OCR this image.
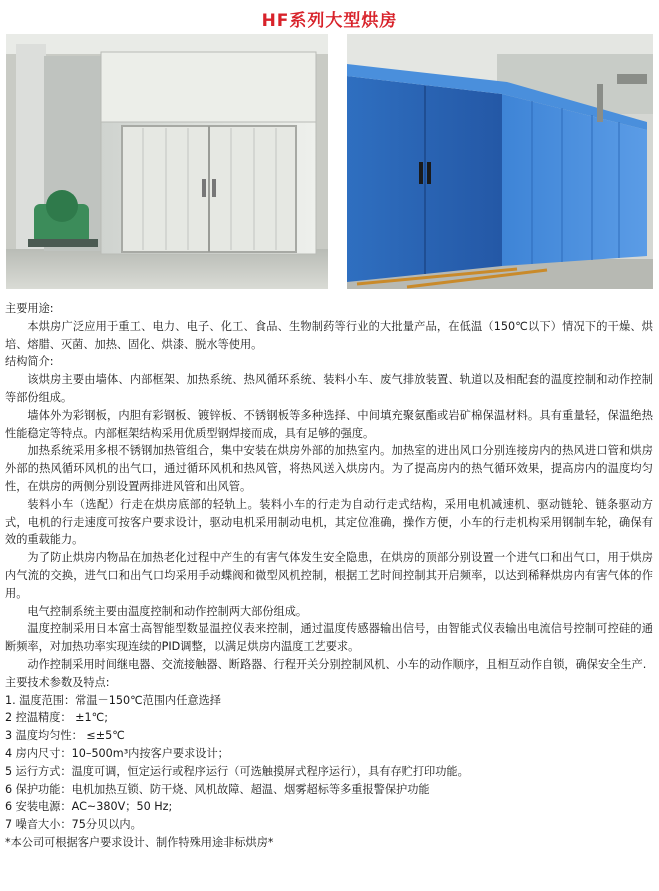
HF系列大型烘房

主要用途:

本烘房广泛应用于重工、电力、电子、化工、食品、生物制药等行业的大批量产品，在低温（150℃以下）情况下的干燥、烘培、熔腊、灭菌、加热、固化、烘漆、脱水等使用。

结构简介:

该烘房主要由墙体、内部框架、加热系统、热风循环系统、装料小车、废气排放装置、轨道以及相配套的温度控制和动作控制等部份组成。

墙体外为彩钢板，内胆有彩钢板、镀锌板、不锈钢板等多种选择、中间填充聚氨酯或岩矿棉保温材料。具有重量轻，保温绝热性能稳定等特点。内部框架结构采用优质型钢焊接而成，具有足够的强度。

加热系统采用多根不锈钢加热管组合，集中安装在烘房外部的加热室内。加热室的进出风口分别连接房内的热风进口管和烘房外部的热风循环风机的出气口，通过循环风机和热风管，将热风送入烘房内。为了提高房内的热气循环效果，提高房内的温度均匀性，在烘房的两侧分别设置两排进风管和出风管。

装料小车（选配）行走在烘房底部的轻轨上。装料小车的行走为自动行走式结构，采用电机减速机、驱动链轮、链条驱动方式，电机的行走速度可按客户要求设计，驱动电机采用制动电机，其定位准确，操作方便，小车的行走机构采用钢制车轮，确保有效的重载能力。

为了防止烘房内物品在加热老化过程中产生的有害气体发生安全隐患，在烘房的顶部分别设置一个进气口和出气口，用于烘房内气流的交换，进气口和出气口均采用手动蝶阀和微型风机控制，根据工艺时间控制其开启频率，以达到稀释烘房内有害气体的作用。

电气控制系统主要由温度控制和动作控制两大部份组成。

温度控制采用日本富士高智能型数显温控仪表来控制，通过温度传感器输出信号，由智能式仪表输出电流信号控制可控硅的通断频率，对加热功率实现连续的PID调整，以满足烘房内温度工艺要求。

动作控制采用时间继电器、交流接触器、断路器、行程开关分别控制风机、小车的动作顺序，且相互动作自锁，确保安全生产.

主要技术参数及特点:

1. 温度范围：常温－150℃范围内任意选择

2 控温精度： ±1℃;

3 温度均匀性： ≤±5℃

4 房内尺寸：10–500m³内按客户要求设计；

5 运行方式：温度可调，恒定运行或程序运行（可选触摸屏式程序运行），具有存贮打印功能。

6 保护功能：电机加热互锁、防干烧、风机故障、超温、烟雾超标等多重报警保护功能

6 安装电源：AC~380V；50 Hz;

7 噪音大小：75分贝以内。

*本公司可根据客户要求设计、制作特殊用途非标烘房*
